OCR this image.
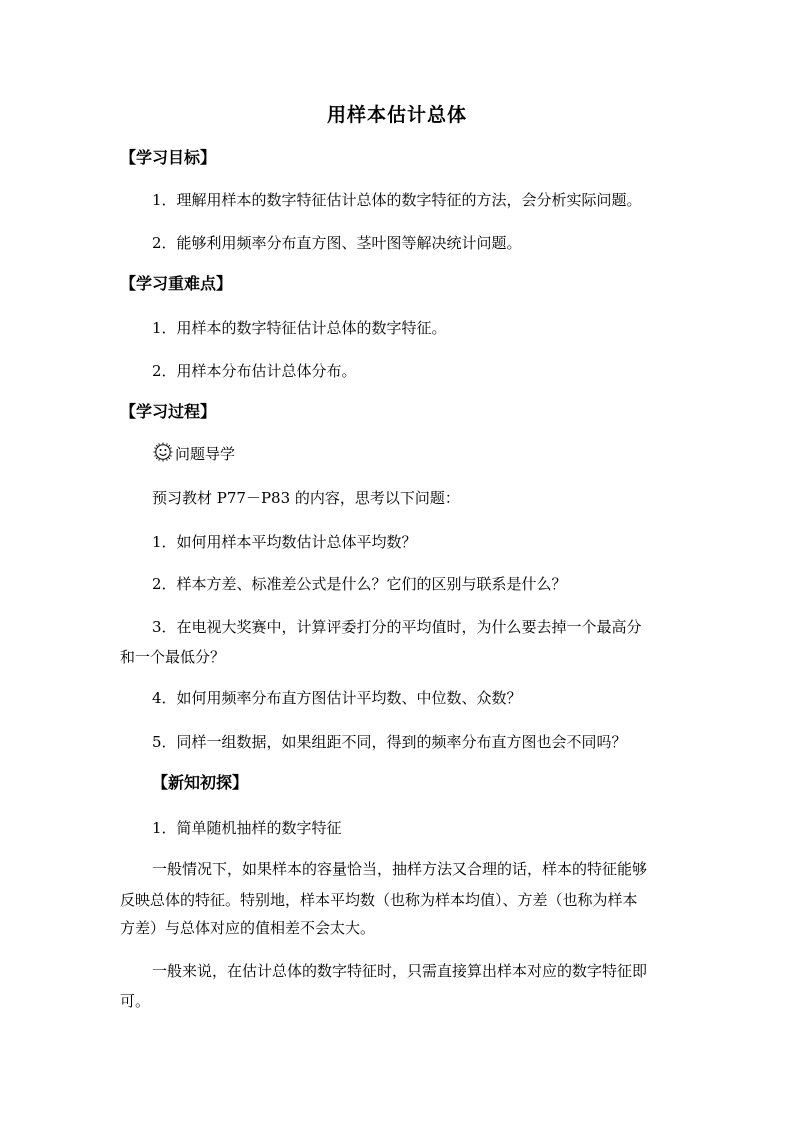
用样本估计总体
【学习目标】
1．理解用样本的数字特征估计总体的数字特征的方法，会分析实际问题。
2．能够利用频率分布直方图、茎叶图等解决统计问题。
【学习重难点】
1．用样本的数字特征估计总体的数字特征。
2．用样本分布估计总体分布。
【学习过程】
问题导学
预习教材 P77－P83 的内容，思考以下问题：
1．如何用样本平均数估计总体平均数？
2．样本方差、标准差公式是什么？它们的区别与联系是什么？
3．在电视大奖赛中，计算评委打分的平均值时，为什么要去掉一个最高分
和一个最低分？
4．如何用频率分布直方图估计平均数、中位数、众数？
5．同样一组数据，如果组距不同，得到的频率分布直方图也会不同吗？
【新知初探】
1．简单随机抽样的数字特征
一般情况下，如果样本的容量恰当，抽样方法又合理的话，样本的特征能够
反映总体的特征。特别地，样本平均数（也称为样本均值）、方差（也称为样本
方差）与总体对应的值相差不会太大。
一般来说，在估计总体的数字特征时，只需直接算出样本对应的数字特征即
可。
